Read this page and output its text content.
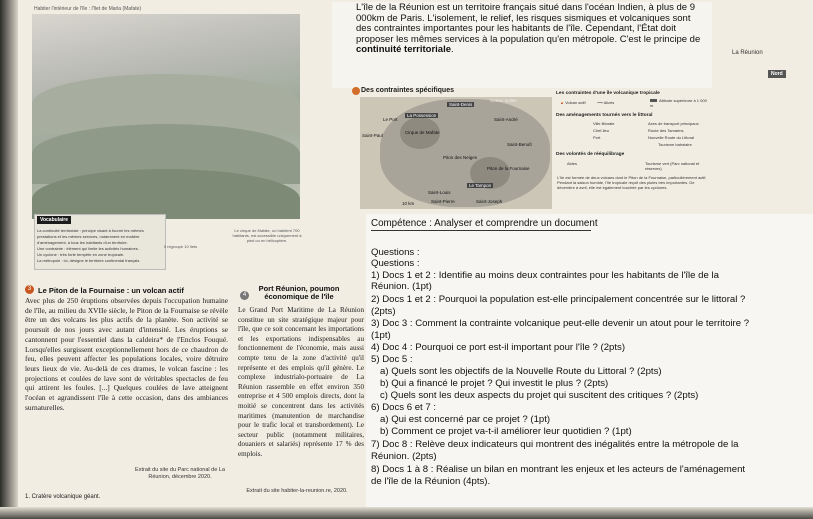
Habiter l'intérieur de l'île : l'îlet de Marla (Mafate)
Vocabulaire
La continuité territoriale : principe visant à fournir les mêmes
prestations et les mêmes services, notamment en matière
d'aménagement, à tous les habitants d'un territoire.
Une contrainte : élément qui limite les activités humaines.
Un cyclone : très forte tempête en zone tropicale.
La métropole : ici, désigne le territoire continental français.
Le cirque de Mafate, où habitent 700 habitants, est accessible uniquement à pied ou en hélicoptère.
Il regroupe 10 îlets
L'île de la Réunion est un territoire français situé dans l'océan Indien, à plus de 9 000km de Paris. L'isolement, le relief, les risques sismiques et volcaniques sont des contraintes importantes pour les habitants de l'île. Cependant, l'État doit proposer les mêmes services à la population qu'en métropole. C'est le principe de continuité territoriale.	La Réunion
Nord
Des contraintes spécifiques
Saint-Denis
Le Port
La Possession
Saint-André
Saint-Paul
Cirque de Mafate
Saint-Benoît
Piton des Neiges
Piton de la Fournaise
Le Tampon
Saint-Louis
Saint-Pierre	Saint-Joseph
Océan Indien
10 km
Les contraintes d'une île volcanique tropicale
▲ Volcan actif	⟶ Alizés	Altitude supérieure à 1 000 m
Des aménagements tournés vers le littoral
Ville littorale	Axes de transport principaux
Chef-lieu	Route des Tamarins
Port	Nouvelle Route du Littoral
Tourisme balnéaire
Des volontés de rééquilibrage
Aides	Tourisme vert (Parc national et réserves)
L'île est formée de deux volcans dont le Piton de la Fournaise, particulièrement actif. Pendant la saison humide, l'île tropicale reçoit des pluies très importantes. De décembre à avril, elle est également touchée par les cyclones.
3 Le Piton de la Fournaise : un volcan actif
Avec plus de 250 éruptions observées depuis l'occupation humaine de l'île, au milieu du XVIIe siècle, le Piton de la Fournaise se révèle être un des volcans les plus actifs de la planète. Son activité se poursuit de nos jours avec autant d'intensité. Les éruptions se cantonnent pour l'essentiel dans la caldeira* de l'Enclos Fouqué. Lorsqu'elles surgissent exceptionnellement hors de ce chaudron de feu, elles peuvent affecter les populations locales, voire détruire leurs lieux de vie. Au-delà de ces drames, le volcan fascine : les projections et coulées de lave sont de véritables spectacles de feu qui attirent les foules. [...] Quelques coulées de lave atteignent l'océan et agrandissent l'île à cette occasion, dans des ambiances surnaturelles.
Extrait du site du Parc national de La Réunion, décembre 2020.
1. Cratère volcanique géant.
4
Port Réunion, poumon économique de l'île
Le Grand Port Maritime de La Réunion constitue un site stratégique majeur pour l'île, que ce soit concernant les importations et les exportations indispensables au fonctionnement de l'économie, mais aussi compte tenu de la zone d'activité qu'il représente et des emplois qu'il génère. Le complexe industrialo-portuaire de La Réunion rassemble en effet environ 350 entreprise et 4 500 emplois directs, dont la moitié se concentrent dans les activités maritimes (manutention de marchandise pour le trafic local et transbordement). Le secteur public (notamment militaires, douaniers et salariés) représente 17 % des emplois.
Extrait du site habiter-la-reunion.re, 2020.
Compétence : Analyser et comprendre un document
Questions :
Questions :
1) Docs 1 et 2 : Identifie au moins deux contraintes pour les habitants de l'île de la
Réunion. (1pt)
2) Docs 1 et 2 : Pourquoi la population est-elle principalement concentrée sur le littoral ?
(2pts)
3) Doc 3 : Comment la contrainte volcanique peut-elle devenir un atout pour le territoire ?
(1pt)
4) Doc 4 : Pourquoi ce port est-il important pour l'île ? (2pts)
5) Doc 5 :
a) Quels sont les objectifs de la Nouvelle Route du Littoral ? (2pts)
b) Qui a financé le projet ? Qui investit le plus ? (2pts)
c) Quels sont les deux aspects du projet qui suscitent des critiques ? (2pts)
6) Docs 6 et 7 :
a) Qui est concerné par ce projet ? (1pt)
b) Comment ce projet va-t-il améliorer leur quotidien ? (1pt)
7) Doc 8 : Relève deux indicateurs qui montrent des inégalités entre la métropole de la
Réunion. (2pts)
8) Docs 1 à 8 : Réalise un bilan en montrant les enjeux et les acteurs de l'aménagement
de l'île de la Réunion (4pts).
